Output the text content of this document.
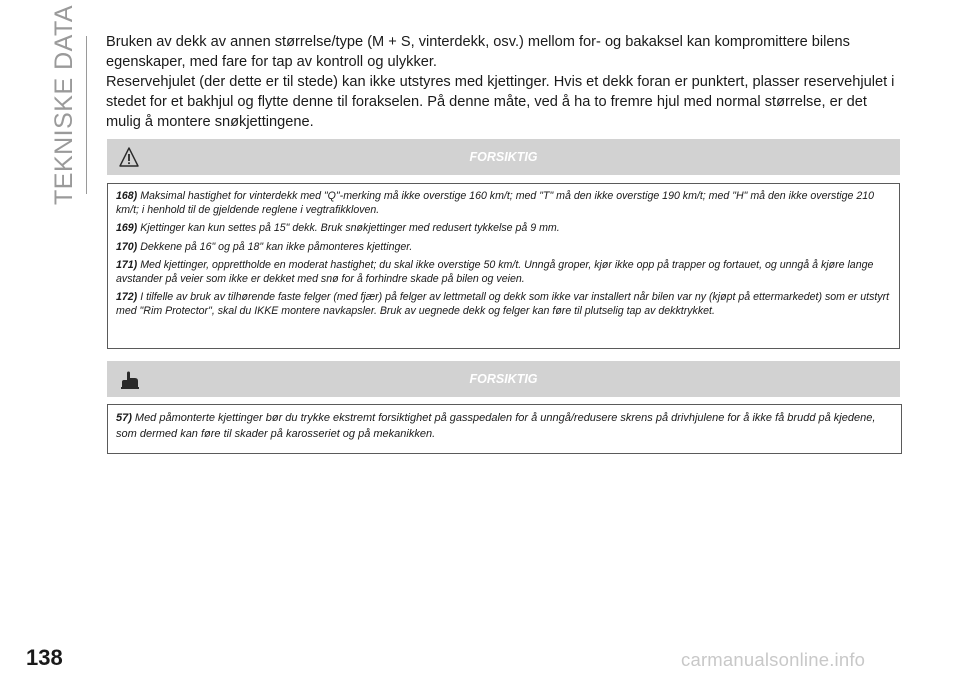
TEKNISKE DATA Bruken av dekk av annen størrelse/type (M + S, vinterdekk, osv.) mellom for- og bakaksel kan kompromittere bilens egenskaper, med fare for tap av kontroll og ulykker.

Reservehjulet (der dette er til stede) kan ikke utstyres med kjettinger. Hvis et dekk foran er punktert, plasser reservehjulet i stedet for et bakhjul og flytte denne til forakselen. På denne måte, ved å ha to fremre hjul med normal størrelse, er det mulig å montere snøkjettingene.

FORSIKTIG

168) Maksimal hastighet for vinterdekk med "Q"-merking må ikke overstige 160 km/t; med "T" må den ikke overstige 190 km/t; med "H" må den ikke overstige 210 km/t; i henhold til de gjeldende reglene i vegtrafikkloven.

169) Kjettinger kan kun settes på 15" dekk. Bruk snøkjettinger med redusert tykkelse på 9 mm.

170) Dekkene på 16" og på 18" kan ikke påmonteres kjettinger.

171) Med kjettinger, opprettholde en moderat hastighet; du skal ikke overstige 50 km/t. Unngå groper, kjør ikke opp på trapper og fortauet, og unngå å kjøre lange avstander på veier som ikke er dekket med snø for å forhindre skade på bilen og veien.

172) I tilfelle av bruk av tilhørende faste felger (med fjær) på felger av lettmetall og dekk som ikke var installert når bilen var ny (kjøpt på ettermarkedet) som er utstyrt med "Rim Protector", skal du IKKE montere navkapsler. Bruk av uegnede dekk og felger kan føre til plutselig tap av dekktrykket.

FORSIKTIG

57) Med påmonterte kjettinger bør du trykke ekstremt forsiktighet på gasspedalen for å unngå/redusere skrens på drivhjulene for å ikke få brudd på kjedene, som dermed kan føre til skader på karosseriet og på mekanikken.

138	carmanualsonline.info
